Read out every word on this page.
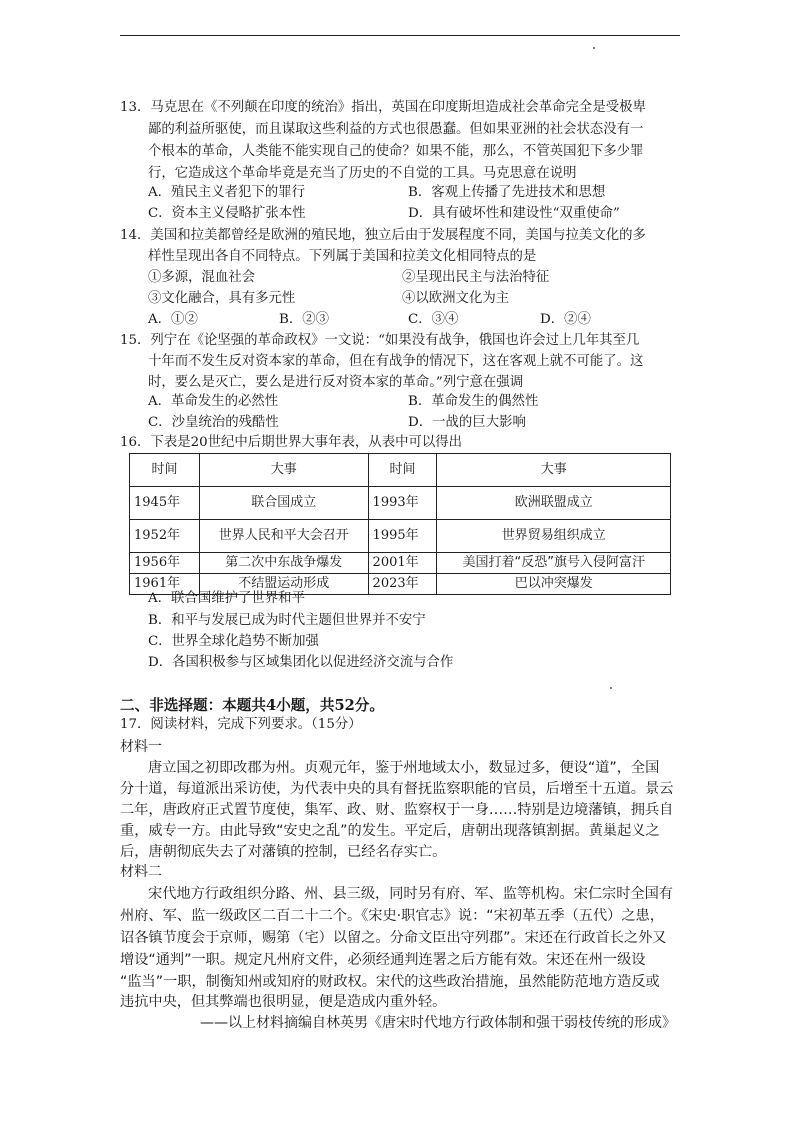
13．马克思在《不列颠在印度的统治》指出，英国在印度斯坦造成社会革命完全是受极卑
鄙的利益所驱使，而且谋取这些利益的方式也很愚蠢。但如果亚洲的社会状态没有一
个根本的革命，人类能不能实现自己的使命？如果不能，那么，不管英国犯下多少罪
行，它造成这个革命毕竟是充当了历史的不自觉的工具。马克思意在说明
A．殖民主义者犯下的罪行	B．客观上传播了先进技术和思想
C．资本主义侵略扩张本性	D．具有破坏性和建设性“双重使命”
14．美国和拉美都曾经是欧洲的殖民地，独立后由于发展程度不同，美国与拉美文化的多
样性呈现出各自不同特点。下列属于美国和拉美文化相同特点的是
①多源，混血社会	②呈现出民主与法治特征
③文化融合，具有多元性	④以欧洲文化为主
A．①②	B．②③	C．③④	D．②④
15．列宁在《论坚强的革命政权》一文说：“如果没有战争，俄国也许会过上几年其至几
十年而不发生反对资本家的革命，但在有战争的情况下，这在客观上就不可能了。这
时，要么是灭亡，要么是进行反对资本家的革命。”列宁意在强调
A．革命发生的必然性	B．革命发生的偶然性
C．沙皇统治的残酷性	D．一战的巨大影响
16．下表是20世纪中后期世界大事年表，从表中可以得出
时间	大事	时间	大事
1945年	联合国成立	1993年	欧洲联盟成立
1952年	世界人民和平大会召开	1995年	世界贸易组织成立
1956年	第二次中东战争爆发	2001年	美国打着“反恐”旗号入侵阿富汗
1961年	不结盟运动形成	2023年	巴以冲突爆发
A．联合国维护了世界和平
B．和平与发展已成为时代主题但世界并不安宁
C．世界全球化趋势不断加强
D．各国积极参与区域集团化以促进经济交流与合作
二、非选择题：本题共4小题，共52分。
17．阅读材料，完成下列要求。（15分）
材料一
唐立国之初即改郡为州。贞观元年，鉴于州地域太小，数显过多，便设“道”，全国
分十道，每道派出采访使，为代表中央的具有督抚监察职能的官员，后增至十五道。景云
二年，唐政府正式置节度使，集军、政、财、监察权于一身……特别是边境藩镇，拥兵自
重，威专一方。由此导致“安史之乱”的发生。平定后，唐朝出现落镇割据。黄巢起义之
后，唐朝彻底失去了对藩镇的控制，已经名存实亡。
材料二
宋代地方行政组织分路、州、县三级，同时另有府、军、监等机构。宋仁宗时全国有
州府、军、监一级政区二百二十二个。《宋史·职官志》说：“宋初革五季（五代）之患，
诏各镇节度会于京师，赐第（宅）以留之。分命文臣出守列郡”。宋还在行政首长之外又
增设“通判”一职。规定凡州府文件，必须经通判连署之后方能有效。宋还在州一级设
“监当”一职，制衡知州或知府的财政权。宋代的这些政治措施，虽然能防范地方造反或
违抗中央，但其弊端也很明显，便是造成内重外轻。
——以上材料摘编自林英男《唐宋时代地方行政体制和强干弱枝传统的形成》
